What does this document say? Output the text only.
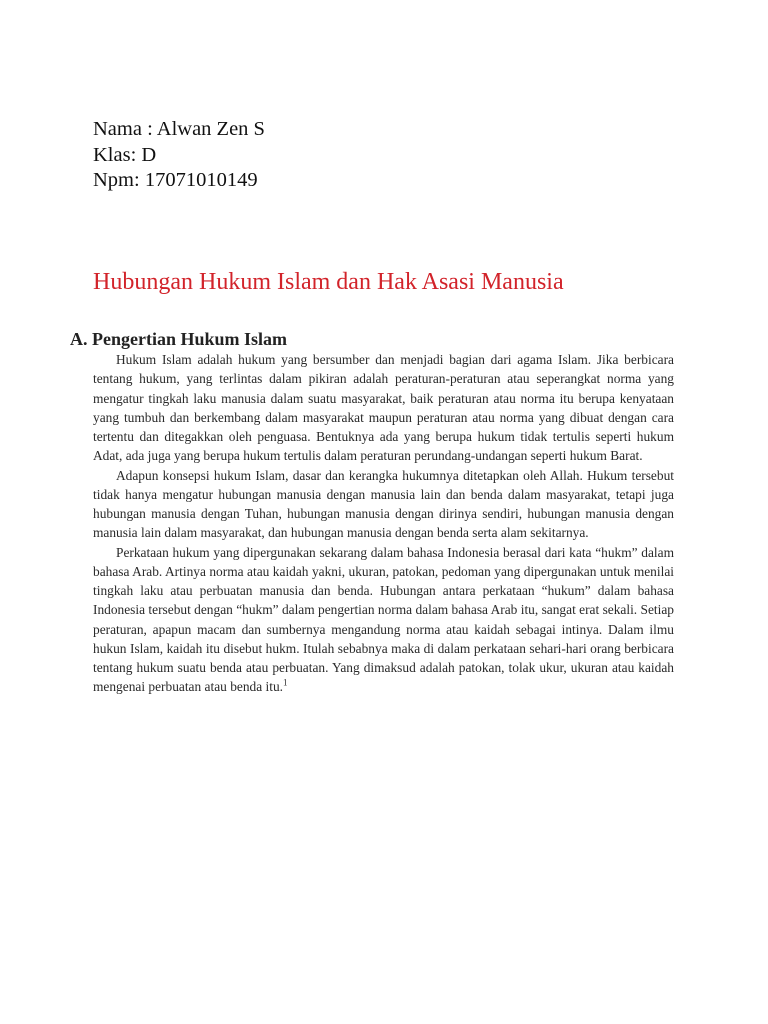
Nama : Alwan Zen S
Klas: D
Npm: 17071010149
Hubungan Hukum Islam dan Hak Asasi Manusia
A. Pengertian Hukum Islam

Hukum Islam adalah hukum yang bersumber dan menjadi bagian dari agama Islam. Jika berbicara tentang hukum, yang terlintas dalam pikiran adalah peraturan-peraturan atau seperangkat norma yang mengatur tingkah laku manusia dalam suatu masyarakat, baik peraturan atau norma itu berupa kenyataan yang tumbuh dan berkembang dalam masyarakat maupun peraturan atau norma yang dibuat dengan cara tertentu dan ditegakkan oleh penguasa. Bentuknya ada yang berupa hukum tidak tertulis seperti hukum Adat, ada juga yang berupa hukum tertulis dalam peraturan perundang-undangan seperti hukum Barat.

Adapun konsepsi hukum Islam, dasar dan kerangka hukumnya ditetapkan oleh Allah. Hukum tersebut tidak hanya mengatur hubungan manusia dengan manusia lain dan benda dalam masyarakat, tetapi juga hubungan manusia dengan Tuhan, hubungan manusia dengan dirinya sendiri, hubungan manusia dengan manusia lain dalam masyarakat, dan hubungan manusia dengan benda serta alam sekitarnya.

Perkataan hukum yang dipergunakan sekarang dalam bahasa Indonesia berasal dari kata “hukm” dalam bahasa Arab. Artinya norma atau kaidah yakni, ukuran, patokan, pedoman yang dipergunakan untuk menilai tingkah laku atau perbuatan manusia dan benda. Hubungan antara perkataan “hukum” dalam bahasa Indonesia tersebut dengan “hukm” dalam pengertian norma dalam bahasa Arab itu, sangat erat sekali. Setiap peraturan, apapun macam dan sumbernya mengandung norma atau kaidah sebagai intinya. Dalam ilmu hukun Islam, kaidah itu disebut hukm. Itulah sebabnya maka di dalam perkataan sehari-hari orang berbicara tentang hukum suatu benda atau perbuatan. Yang dimaksud adalah patokan, tolak ukur, ukuran atau kaidah mengenai perbuatan atau benda itu.$^1$
